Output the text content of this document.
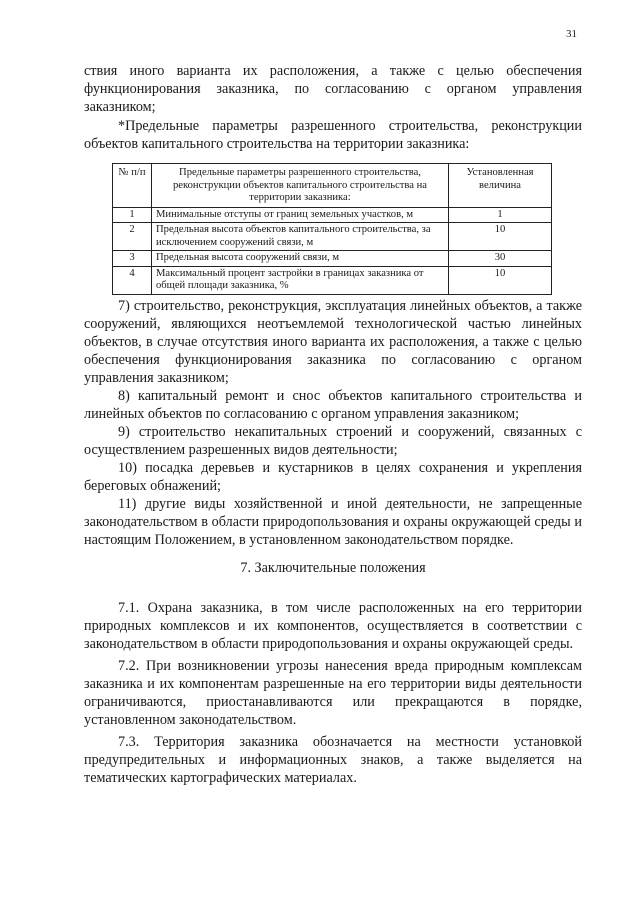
31

ствия иного варианта их расположения, а также с целью обеспечения функционирования заказника, по согласованию с органом управления заказником;

*Предельные параметры разрешенного строительства, реконструкции объектов капитального строительства на территории заказника:

№ п/п	Предельные параметры разрешенного строительства, реконструкции объектов капитального строительства на территории заказника:	Установленная величина
1	Минимальные отступы от границ земельных участков, м	1
2	Предельная высота объектов капитального строительства, за исключением сооружений связи, м	10
3	Предельная высота сооружений связи, м	30
4	Максимальный процент застройки в границах заказника от общей площади заказника, %	10

7) строительство, реконструкция, эксплуатация линейных объектов, а также сооружений, являющихся неотъемлемой технологической частью линейных объектов, в случае отсутствия иного варианта их расположения, а также с целью обеспечения функционирования заказника по согласованию с органом управления заказником;

8) капитальный ремонт и снос объектов капитального строительства и линейных объектов по согласованию с органом управления заказником;

9) строительство некапитальных строений и сооружений, связанных с осуществлением разрешенных видов деятельности;

10) посадка деревьев и кустарников в целях сохранения и укрепления береговых обнажений;

11) другие виды хозяйственной и иной деятельности, не запрещенные законодательством в области природопользования и охраны окружающей среды и настоящим Положением, в установленном законодательством порядке.

7. Заключительные положения

7.1. Охрана заказника, в том числе расположенных на его территории природных комплексов и их компонентов, осуществляется в соответствии с законодательством в области природопользования и охраны окружающей среды.

7.2. При возникновении угрозы нанесения вреда природным комплексам заказника и их компонентам разрешенные на его территории виды деятельности ограничиваются, приостанавливаются или прекращаются в порядке, установленном законодательством.

7.3. Территория заказника обозначается на местности установкой предупредительных и информационных знаков, а также выделяется на тематических картографических материалах.
